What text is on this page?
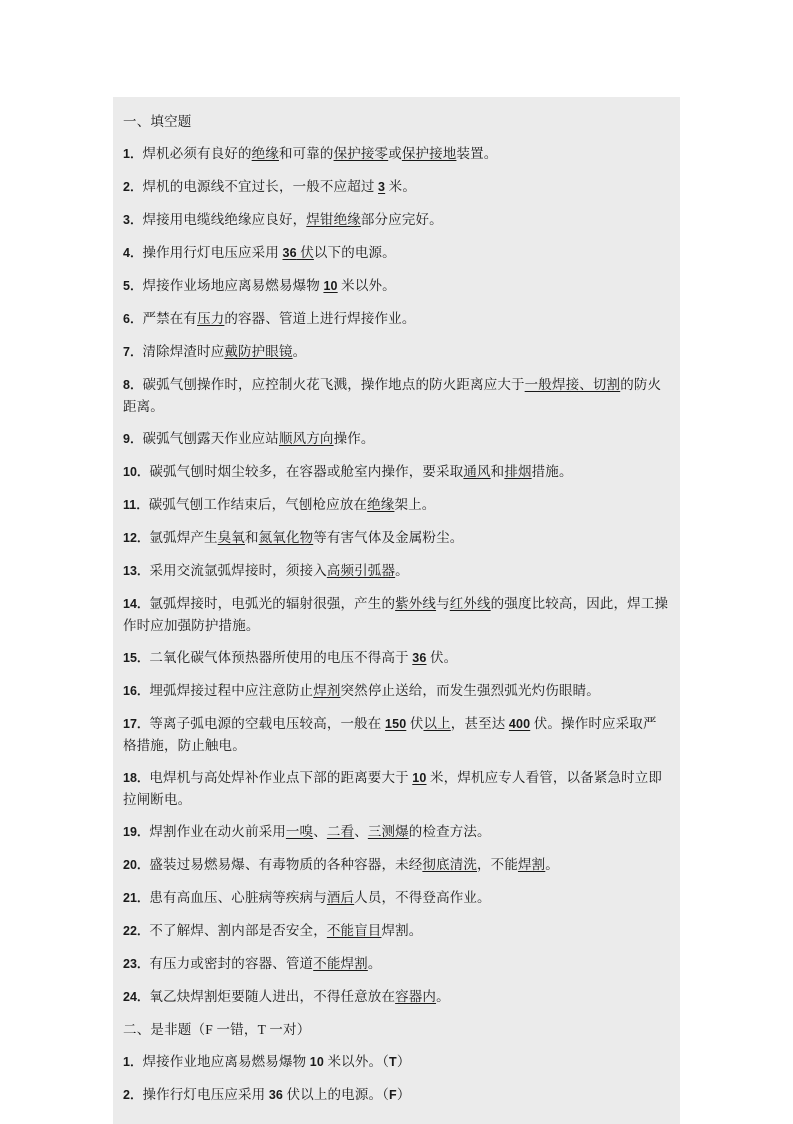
一、填空题
1．焊机必须有良好的绝缘和可靠的保护接零或保护接地装置。
2．焊机的电源线不宜过长，一般不应超过 3 米。
3．焊接用电缆线绝缘应良好，焊钳绝缘部分应完好。
4．操作用行灯电压应采用 36 伏以下的电源。
5．焊接作业场地应离易燃易爆物 10 米以外。
6．严禁在有压力的容器、管道上进行焊接作业。
7．清除焊渣时应戴防护眼镜。
8．碳弧气刨操作时，应控制火花飞溅，操作地点的防火距离应大于一般焊接、切割的防火距离。
9．碳弧气刨露天作业应站顺风方向操作。
10．碳弧气刨时烟尘较多，在容器或舱室内操作，要采取通风和排烟措施。
11．碳弧气刨工作结束后，气刨枪应放在绝缘架上。
12．氩弧焊产生臭氧和氮氧化物等有害气体及金属粉尘。
13．采用交流氩弧焊接时，须接入高频引弧器。
14．氩弧焊接时，电弧光的辐射很强，产生的紫外线与红外线的强度比较高，因此，焊工操作时应加强防护措施。
15．二氧化碳气体预热器所使用的电压不得高于 36 伏。
16．埋弧焊接过程中应注意防止焊剂突然停止送给，而发生强烈弧光灼伤眼睛。
17．等离子弧电源的空载电压较高，一般在 150 伏以上，甚至达 400 伏。操作时应采取严格措施，防止触电。
18．电焊机与高处焊补作业点下部的距离要大于 10 米，焊机应专人看管，以备紧急时立即拉闸断电。
19．焊割作业在动火前采用一嗅、二看、三测爆的检查方法。
20．盛装过易燃易爆、有毒物质的各种容器，未经彻底清洗，不能焊割。
21．患有高血压、心脏病等疾病与酒后人员，不得登高作业。
22．不了解焊、割内部是否安全，不能盲目焊割。
23．有压力或密封的容器、管道不能焊割。
24．氧乙炔焊割炬要随人进出，不得任意放在容器内。
二、是非题（F 一错，T 一对）
1．焊接作业地应离易燃易爆物 10 米以外。（T）
2．操作行灯电压应采用 36 伏以上的电源。（F）
